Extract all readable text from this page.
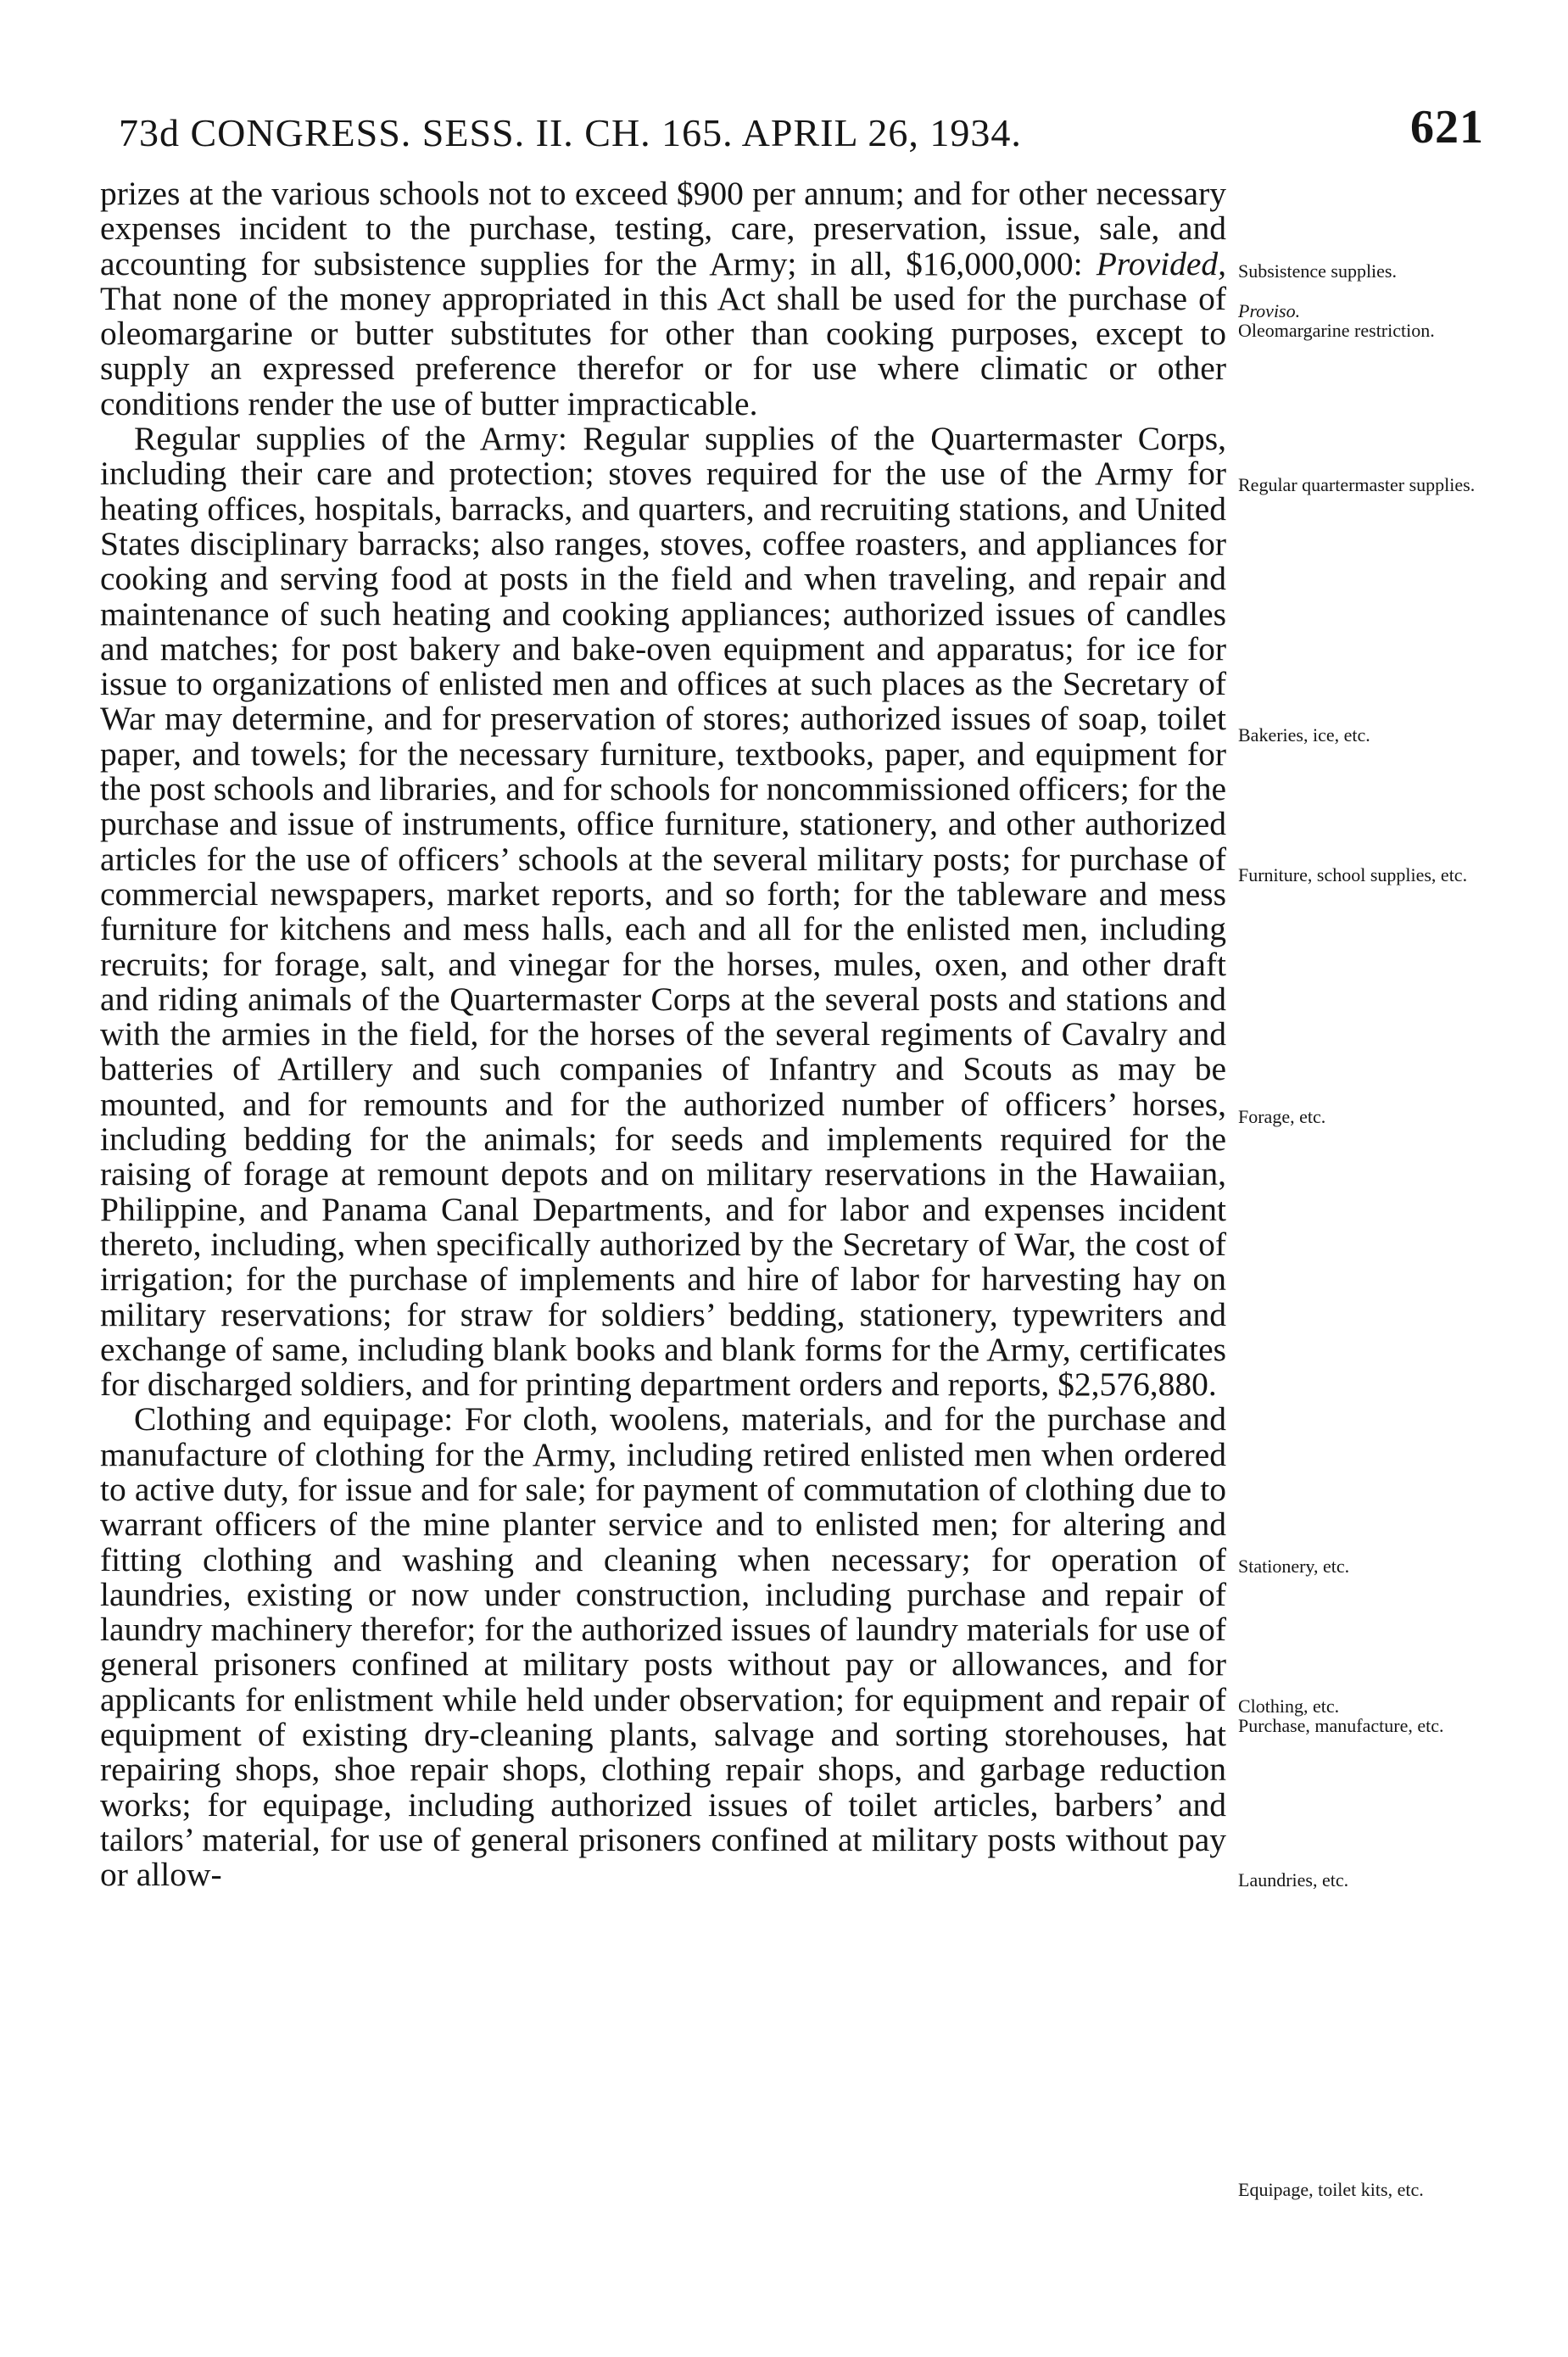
73d CONGRESS. SESS. II. CH. 165. APRIL 26, 1934.	621

prizes at the various schools not to exceed $900 per annum; and for other necessary expenses incident to the purchase, testing, care, preservation, issue, sale, and accounting for subsistence supplies for the Army; in all, $16,000,000: Provided, That none of the money appropriated in this Act shall be used for the purchase of oleomargarine or butter substitutes for other than cooking purposes, except to supply an expressed preference therefor or for use where climatic or other conditions render the use of butter impracticable.

Regular supplies of the Army: Regular supplies of the Quartermaster Corps, including their care and protection; stoves required for the use of the Army for heating offices, hospitals, barracks, and quarters, and recruiting stations, and United States disciplinary barracks; also ranges, stoves, coffee roasters, and appliances for cooking and serving food at posts in the field and when traveling, and repair and maintenance of such heating and cooking appliances; authorized issues of candles and matches; for post bakery and bake-oven equipment and apparatus; for ice for issue to organizations of enlisted men and offices at such places as the Secretary of War may determine, and for preservation of stores; authorized issues of soap, toilet paper, and towels; for the necessary furniture, textbooks, paper, and equipment for the post schools and libraries, and for schools for noncommissioned officers; for the purchase and issue of instruments, office furniture, stationery, and other authorized articles for the use of officers’ schools at the several military posts; for purchase of commercial newspapers, market reports, and so forth; for the tableware and mess furniture for kitchens and mess halls, each and all for the enlisted men, including recruits; for forage, salt, and vinegar for the horses, mules, oxen, and other draft and riding animals of the Quartermaster Corps at the several posts and stations and with the armies in the field, for the horses of the several regiments of Cavalry and batteries of Artillery and such companies of Infantry and Scouts as may be mounted, and for remounts and for the authorized number of officers’ horses, including bedding for the animals; for seeds and implements required for the raising of forage at remount depots and on military reservations in the Hawaiian, Philippine, and Panama Canal Departments, and for labor and expenses incident thereto, including, when specifically authorized by the Secretary of War, the cost of irrigation; for the purchase of implements and hire of labor for harvesting hay on military reservations; for straw for soldiers’ bedding, stationery, typewriters and exchange of same, including blank books and blank forms for the Army, certificates for discharged soldiers, and for printing department orders and reports, $2,576,880.

Clothing and equipage: For cloth, woolens, materials, and for the purchase and manufacture of clothing for the Army, including retired enlisted men when ordered to active duty, for issue and for sale; for payment of commutation of clothing due to warrant officers of the mine planter service and to enlisted men; for altering and fitting clothing and washing and cleaning when necessary; for operation of laundries, existing or now under construction, including purchase and repair of laundry machinery therefor; for the authorized issues of laundry materials for use of general prisoners confined at military posts without pay or allowances, and for applicants for enlistment while held under observation; for equipment and repair of equipment of existing dry-cleaning plants, salvage and sorting storehouses, hat repairing shops, shoe repair shops, clothing repair shops, and garbage reduction works; for equipage, including authorized issues of toilet articles, barbers’ and tailors’ material, for use of general prisoners confined at military posts without pay or allow-

Subsistence supplies.
Proviso.
Oleomargarine restriction.
Regular quartermaster supplies.
Bakeries, ice, etc.
Furniture, school supplies, etc.
Forage, etc.
Stationery, etc.
Clothing, etc.
Purchase, manufacture, etc.
Laundries, etc.
Equipage, toilet kits, etc.
